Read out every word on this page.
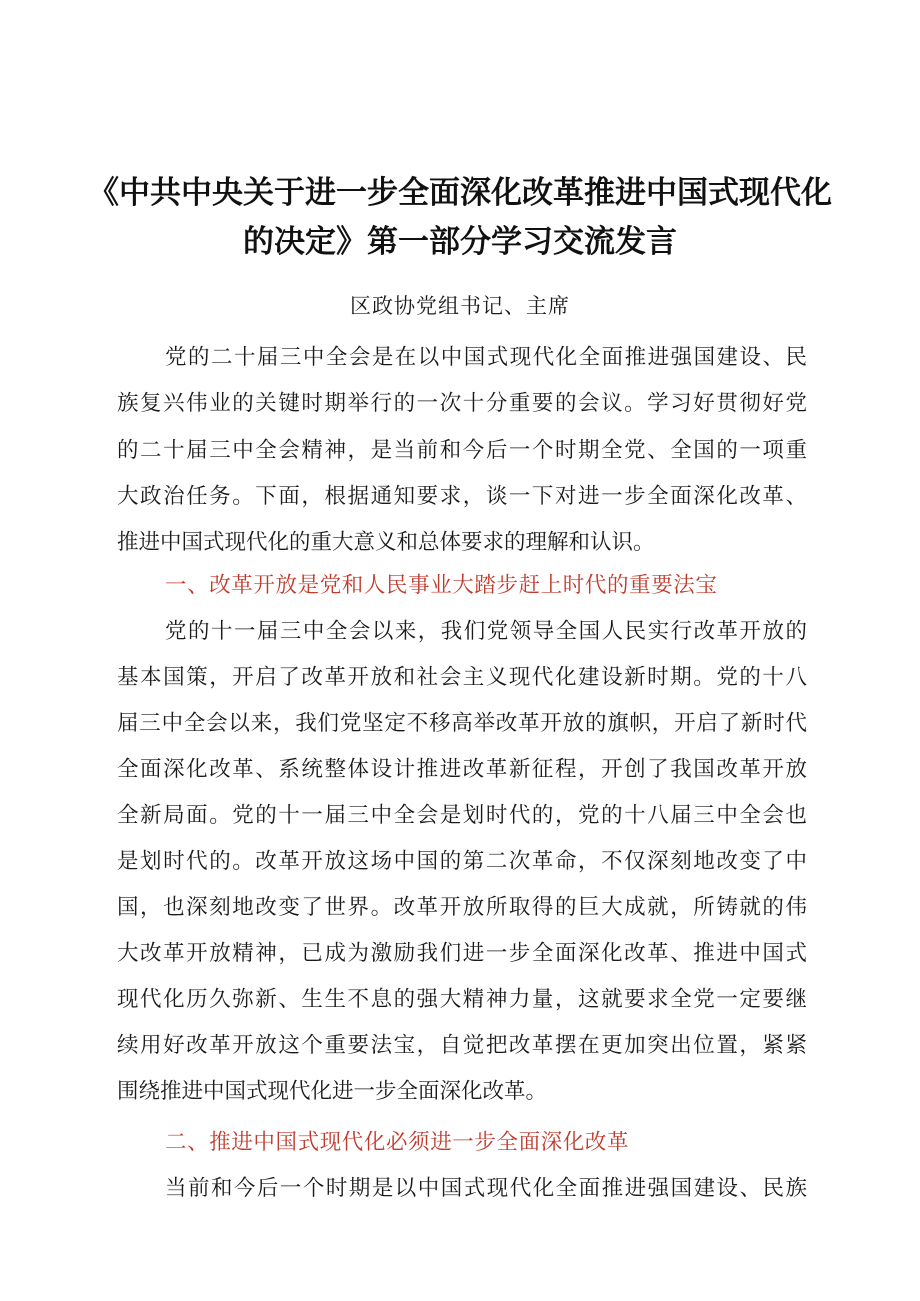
《中共中央关于进一步全面深化改革推进中国式现代化
的决定》第一部分学习交流发言
区政协党组书记、主席
党的二十届三中全会是在以中国式现代化全面推进强国建设、民
族复兴伟业的关键时期举行的一次十分重要的会议。学习好贯彻好党
的二十届三中全会精神，是当前和今后一个时期全党、全国的一项重
大政治任务。下面，根据通知要求，谈一下对进一步全面深化改革、
推进中国式现代化的重大意义和总体要求的理解和认识。
一、改革开放是党和人民事业大踏步赶上时代的重要法宝
党的十一届三中全会以来，我们党领导全国人民实行改革开放的
基本国策，开启了改革开放和社会主义现代化建设新时期。党的十八
届三中全会以来，我们党坚定不移高举改革开放的旗帜，开启了新时代
全面深化改革、系统整体设计推进改革新征程，开创了我国改革开放
全新局面。党的十一届三中全会是划时代的，党的十八届三中全会也
是划时代的。改革开放这场中国的第二次革命，不仅深刻地改变了中
国，也深刻地改变了世界。改革开放所取得的巨大成就，所铸就的伟
大改革开放精神，已成为激励我们进一步全面深化改革、推进中国式
现代化历久弥新、生生不息的强大精神力量，这就要求全党一定要继
续用好改革开放这个重要法宝，自觉把改革摆在更加突出位置，紧紧
围绕推进中国式现代化进一步全面深化改革。
二、推进中国式现代化必须进一步全面深化改革
当前和今后一个时期是以中国式现代化全面推进强国建设、民族
